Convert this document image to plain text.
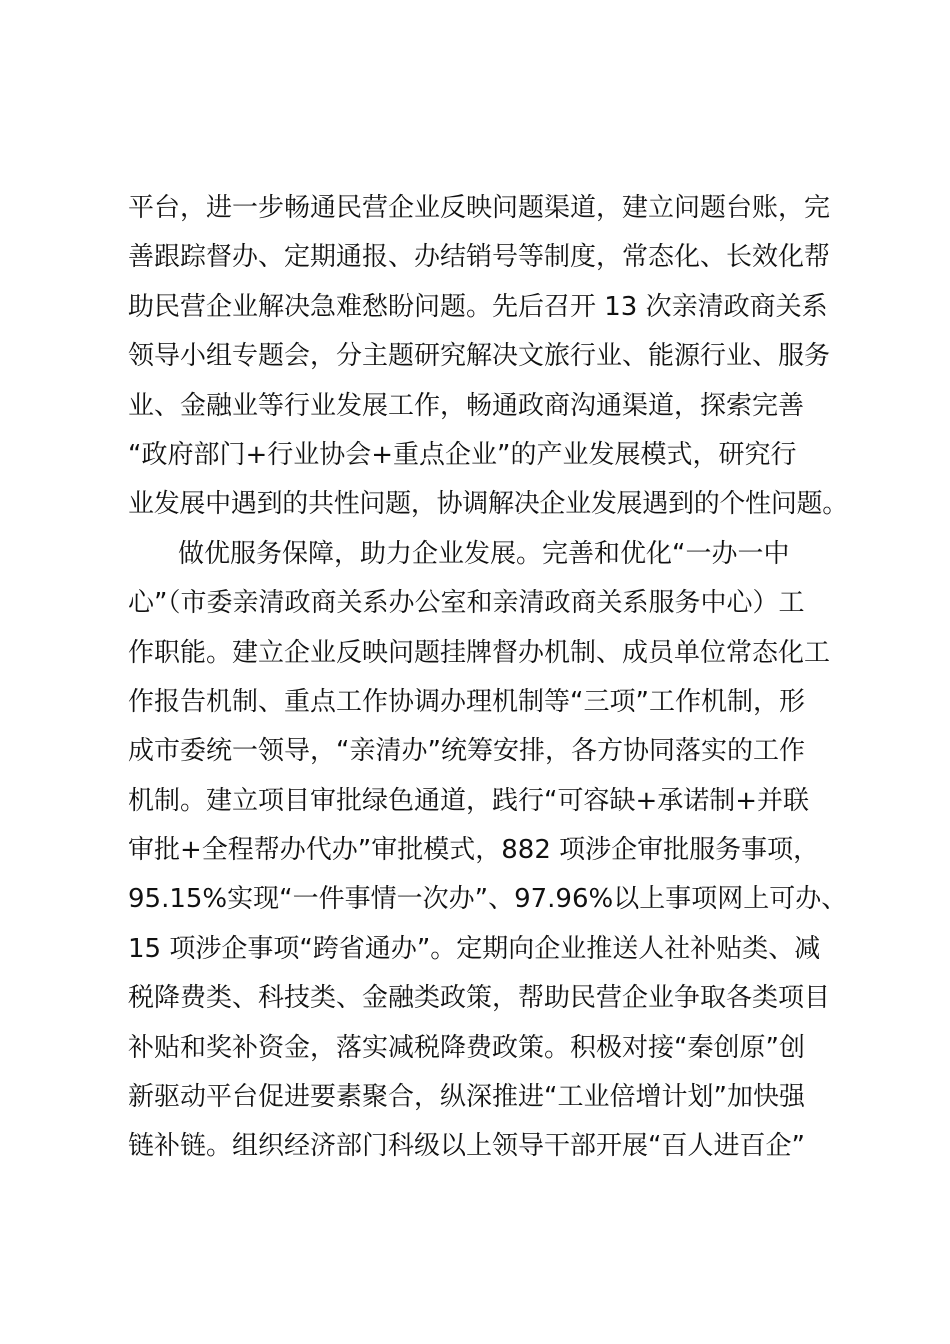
平台，进一步畅通民营企业反映问题渠道，建立问题台账，完
善跟踪督办、定期通报、办结销号等制度，常态化、长效化帮
助民营企业解决急难愁盼问题。先后召开 13 次亲清政商关系
领导小组专题会，分主题研究解决文旅行业、能源行业、服务
业、金融业等行业发展工作，畅通政商沟通渠道，探索完善
“政府部门+行业协会+重点企业”的产业发展模式，研究行
业发展中遇到的共性问题，协调解决企业发展遇到的个性问题。
做优服务保障，助力企业发展。完善和优化“一办一中
心”（市委亲清政商关系办公室和亲清政商关系服务中心）工
作职能。建立企业反映问题挂牌督办机制、成员单位常态化工
作报告机制、重点工作协调办理机制等“三项”工作机制，形
成市委统一领导，“亲清办”统筹安排，各方协同落实的工作
机制。建立项目审批绿色通道，践行“可容缺+承诺制+并联
审批+全程帮办代办”审批模式，882 项涉企审批服务事项，
95.15%实现“一件事情一次办”、97.96%以上事项网上可办、
15 项涉企事项“跨省通办”。定期向企业推送人社补贴类、减
税降费类、科技类、金融类政策，帮助民营企业争取各类项目
补贴和奖补资金，落实减税降费政策。积极对接“秦创原”创
新驱动平台促进要素聚合，纵深推进“工业倍增计划”加快强
链补链。组织经济部门科级以上领导干部开展“百人进百企”
